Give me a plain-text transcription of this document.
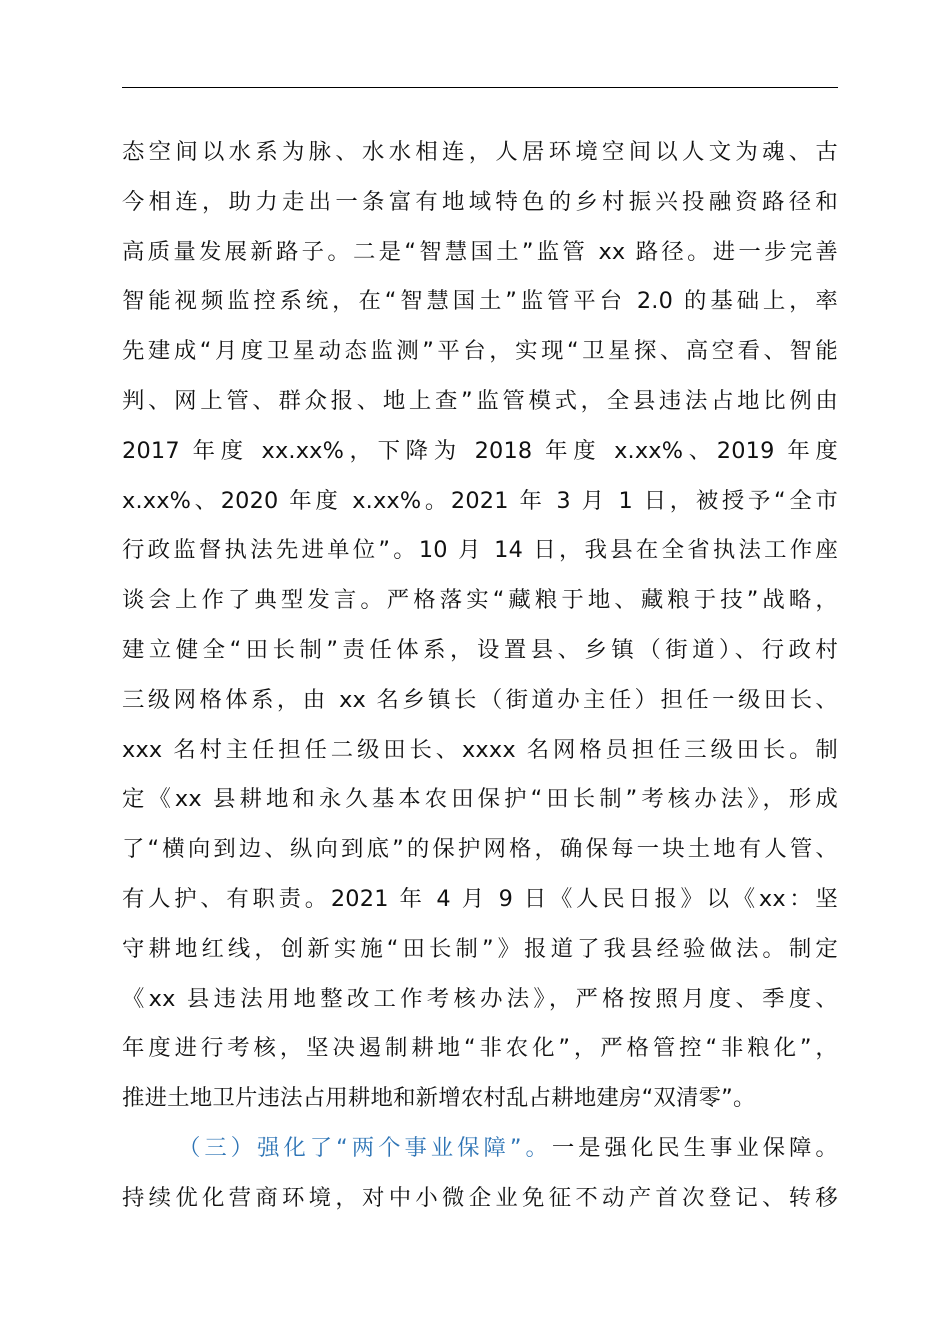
态空间以水系为脉、水水相连，人居环境空间以人文为魂、古
今相连，助力走出一条富有地域特色的乡村振兴投融资路径和
高质量发展新路子。二是“智慧国土”监管 xx 路径。进一步完善
智能视频监控系统，在“智慧国土”监管平台 2.0 的基础上，率
先建成“月度卫星动态监测”平台，实现“卫星探、高空看、智能
判、网上管、群众报、地上查”监管模式，全县违法占地比例由
2017 年度 xx.xx%，下降为 2018 年度 x.xx%、2019 年度
x.xx%、2020 年度 x.xx%。2021 年 3 月 1 日，被授予“全市
行政监督执法先进单位”。10 月 14 日，我县在全省执法工作座
谈会上作了典型发言。严格落实“藏粮于地、藏粮于技”战略，
建立健全“田长制”责任体系，设置县、乡镇（街道）、行政村
三级网格体系，由 xx 名乡镇长（街道办主任）担任一级田长、
xxx 名村主任担任二级田长、xxxx 名网格员担任三级田长。制
定《xx 县耕地和永久基本农田保护“田长制”考核办法》，形成
了“横向到边、纵向到底”的保护网格，确保每一块土地有人管、
有人护、有职责。2021 年 4 月 9 日《人民日报》以《xx：坚
守耕地红线，创新实施“田长制”》报道了我县经验做法。制定
《xx 县违法用地整改工作考核办法》，严格按照月度、季度、
年度进行考核，坚决遏制耕地“非农化”，严格管控“非粮化”，
推进土地卫片违法占用耕地和新增农村乱占耕地建房“双清零”。
（三）强化了“两个事业保障”。一是强化民生事业保障。
持续优化营商环境，对中小微企业免征不动产首次登记、转移
